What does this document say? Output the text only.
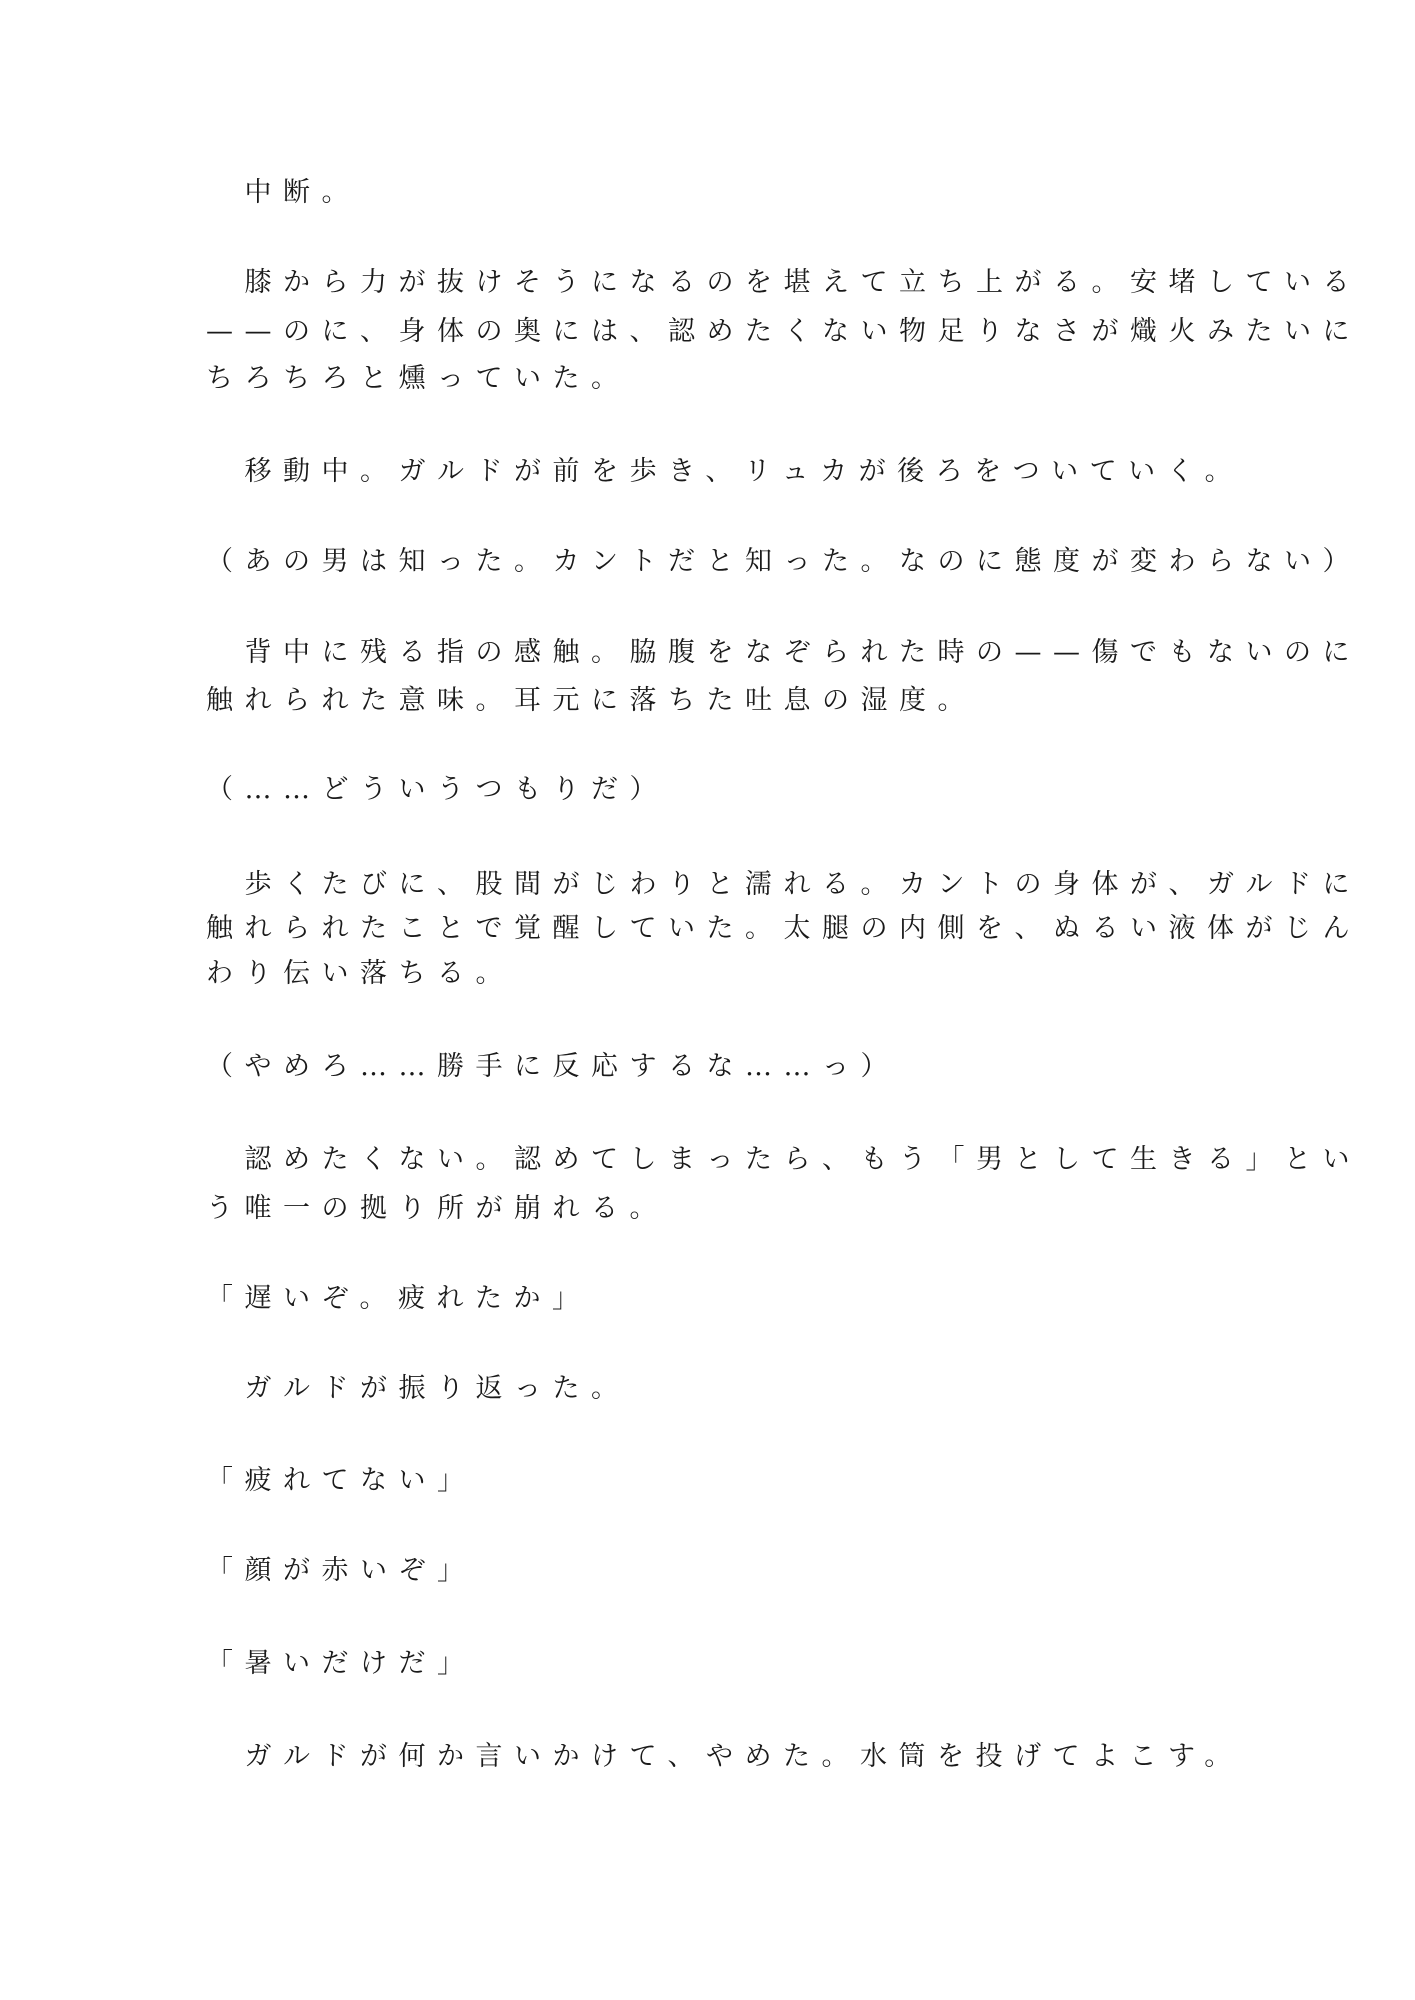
　中断。
　膝から力が抜けそうになるのを堪えて立ち上がる。安堵している
——のに、身体の奥には、認めたくない物足りなさが熾火みたいに
ちろちろと燻っていた。
　移動中。ガルドが前を歩き、リュカが後ろをついていく。
（あの男は知った。カントだと知った。なのに態度が変わらない）
　背中に残る指の感触。脇腹をなぞられた時の——傷でもないのに
触れられた意味。耳元に落ちた吐息の湿度。
（……どういうつもりだ）
　歩くたびに、股間がじわりと濡れる。カントの身体が、ガルドに
触れられたことで覚醒していた。太腿の内側を、ぬるい液体がじん
わり伝い落ちる。
（やめろ……勝手に反応するな……っ）
　認めたくない。認めてしまったら、もう「男として生きる」とい
う唯一の拠り所が崩れる。
「遅いぞ。疲れたか」
　ガルドが振り返った。
「疲れてない」
「顔が赤いぞ」
「暑いだけだ」
　ガルドが何か言いかけて、やめた。水筒を投げてよこす。
